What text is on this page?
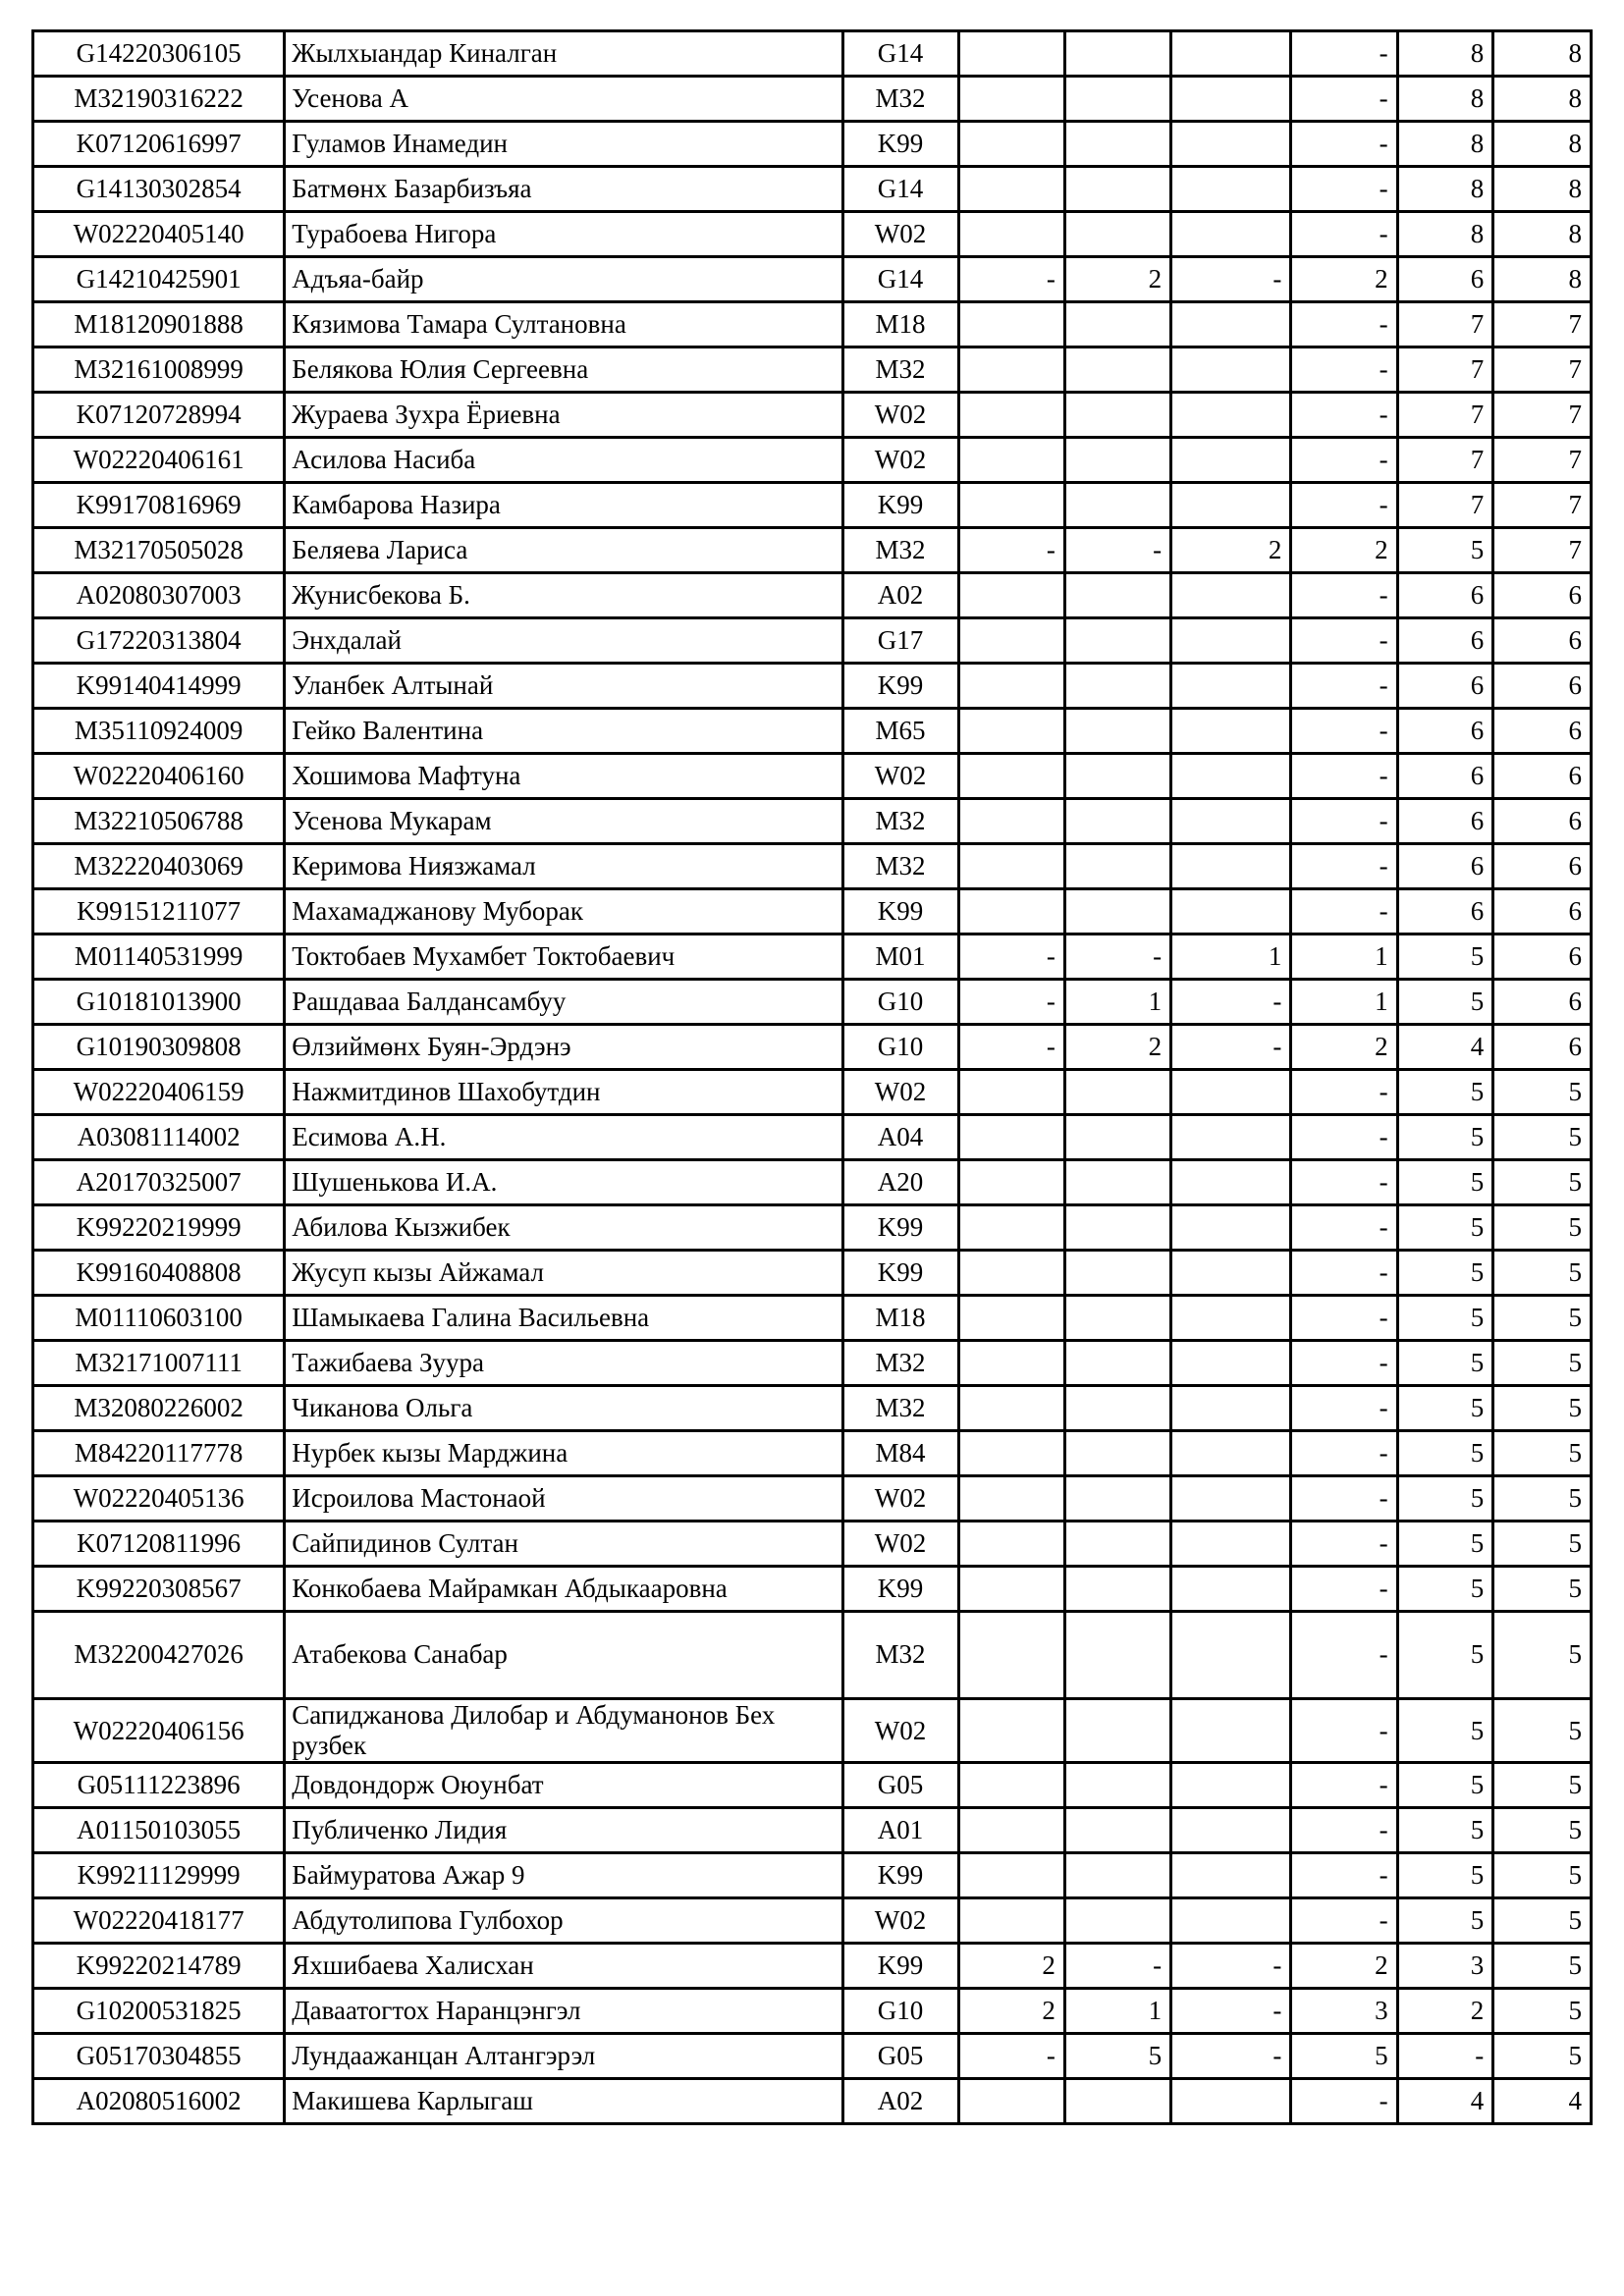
G14220306105	Жылхыандар Киналган	G14				-	8	8
M32190316222	Усенова А	M32				-	8	8
K07120616997	Гуламов Инамедин	K99				-	8	8
G14130302854	Батмөнх Базарбизъяа	G14				-	8	8
W02220405140	Турабоева Нигора	W02				-	8	8
G14210425901	Адъяа-байр	G14	-	2	-	2	6	8
M18120901888	Кязимова Тамара Султановна	M18				-	7	7
M32161008999	Белякова Юлия Сергеевна	M32				-	7	7
K07120728994	Жураева Зухра Ёриевна	W02				-	7	7
W02220406161	Асилова Насиба	W02				-	7	7
K99170816969	Камбарова Назира	K99				-	7	7
M32170505028	Беляева Лариса	M32	-	-	2	2	5	7
A02080307003	Жунисбекова Б.	A02				-	6	6
G17220313804	Энхдалай	G17				-	6	6
K99140414999	Уланбек Алтынай	K99				-	6	6
M35110924009	Гейко Валентина	M65				-	6	6
W02220406160	Хошимова Мафтуна	W02				-	6	6
M32210506788	Усенова Мукарам	M32				-	6	6
M32220403069	Керимова Ниязжамал	M32				-	6	6
K99151211077	Махамаджанову Муборак	K99				-	6	6
M01140531999	Токтобаев Мухамбет Токтобаевич	M01	-	-	1	1	5	6
G10181013900	Рашдаваа Балдансамбуу	G10	-	1	-	1	5	6
G10190309808	Өлзиймөнх Буян-Эрдэнэ	G10	-	2	-	2	4	6
W02220406159	Нажмитдинов Шахобутдин	W02				-	5	5
A03081114002	Есимова А.Н.	A04				-	5	5
A20170325007	Шушенькова И.А.	A20				-	5	5
K99220219999	Абилова Кызжибек	K99				-	5	5
K99160408808	Жусуп кызы Айжамал	K99				-	5	5
M01110603100	Шамыкаева Галина Васильевна	M18				-	5	5
M32171007111	Тажибаева Зуура	M32				-	5	5
M32080226002	Чиканова Ольга	M32				-	5	5
M84220117778	Нурбек кызы Марджина	M84				-	5	5
W02220405136	Исроилова Мастонаой	W02				-	5	5
K07120811996	Сайпидинов Султан	W02				-	5	5
K99220308567	Конкобаева Майрамкан Абдыкааровна	K99				-	5	5
M32200427026	Атабекова Санабар	M32				-	5	5
W02220406156	Сапиджанова Дилобар и Абдуманонов Бех рузбек	W02				-	5	5
G05111223896	Довдондорж Оюунбат	G05				-	5	5
A01150103055	Публиченко Лидия	A01				-	5	5
K99211129999	Баймуратова Ажар 9	K99				-	5	5
W02220418177	Абдутолипова Гулбохор	W02				-	5	5
K99220214789	Яхшибаева Халисхан	K99	2	-	-	2	3	5
G10200531825	Даваатогтох Наранцэнгэл	G10	2	1	-	3	2	5
G05170304855	Лундаажанцан Алтангэрэл	G05	-	5	-	5	-	5
A02080516002	Макишева Карлыгаш	A02				-	4	4
